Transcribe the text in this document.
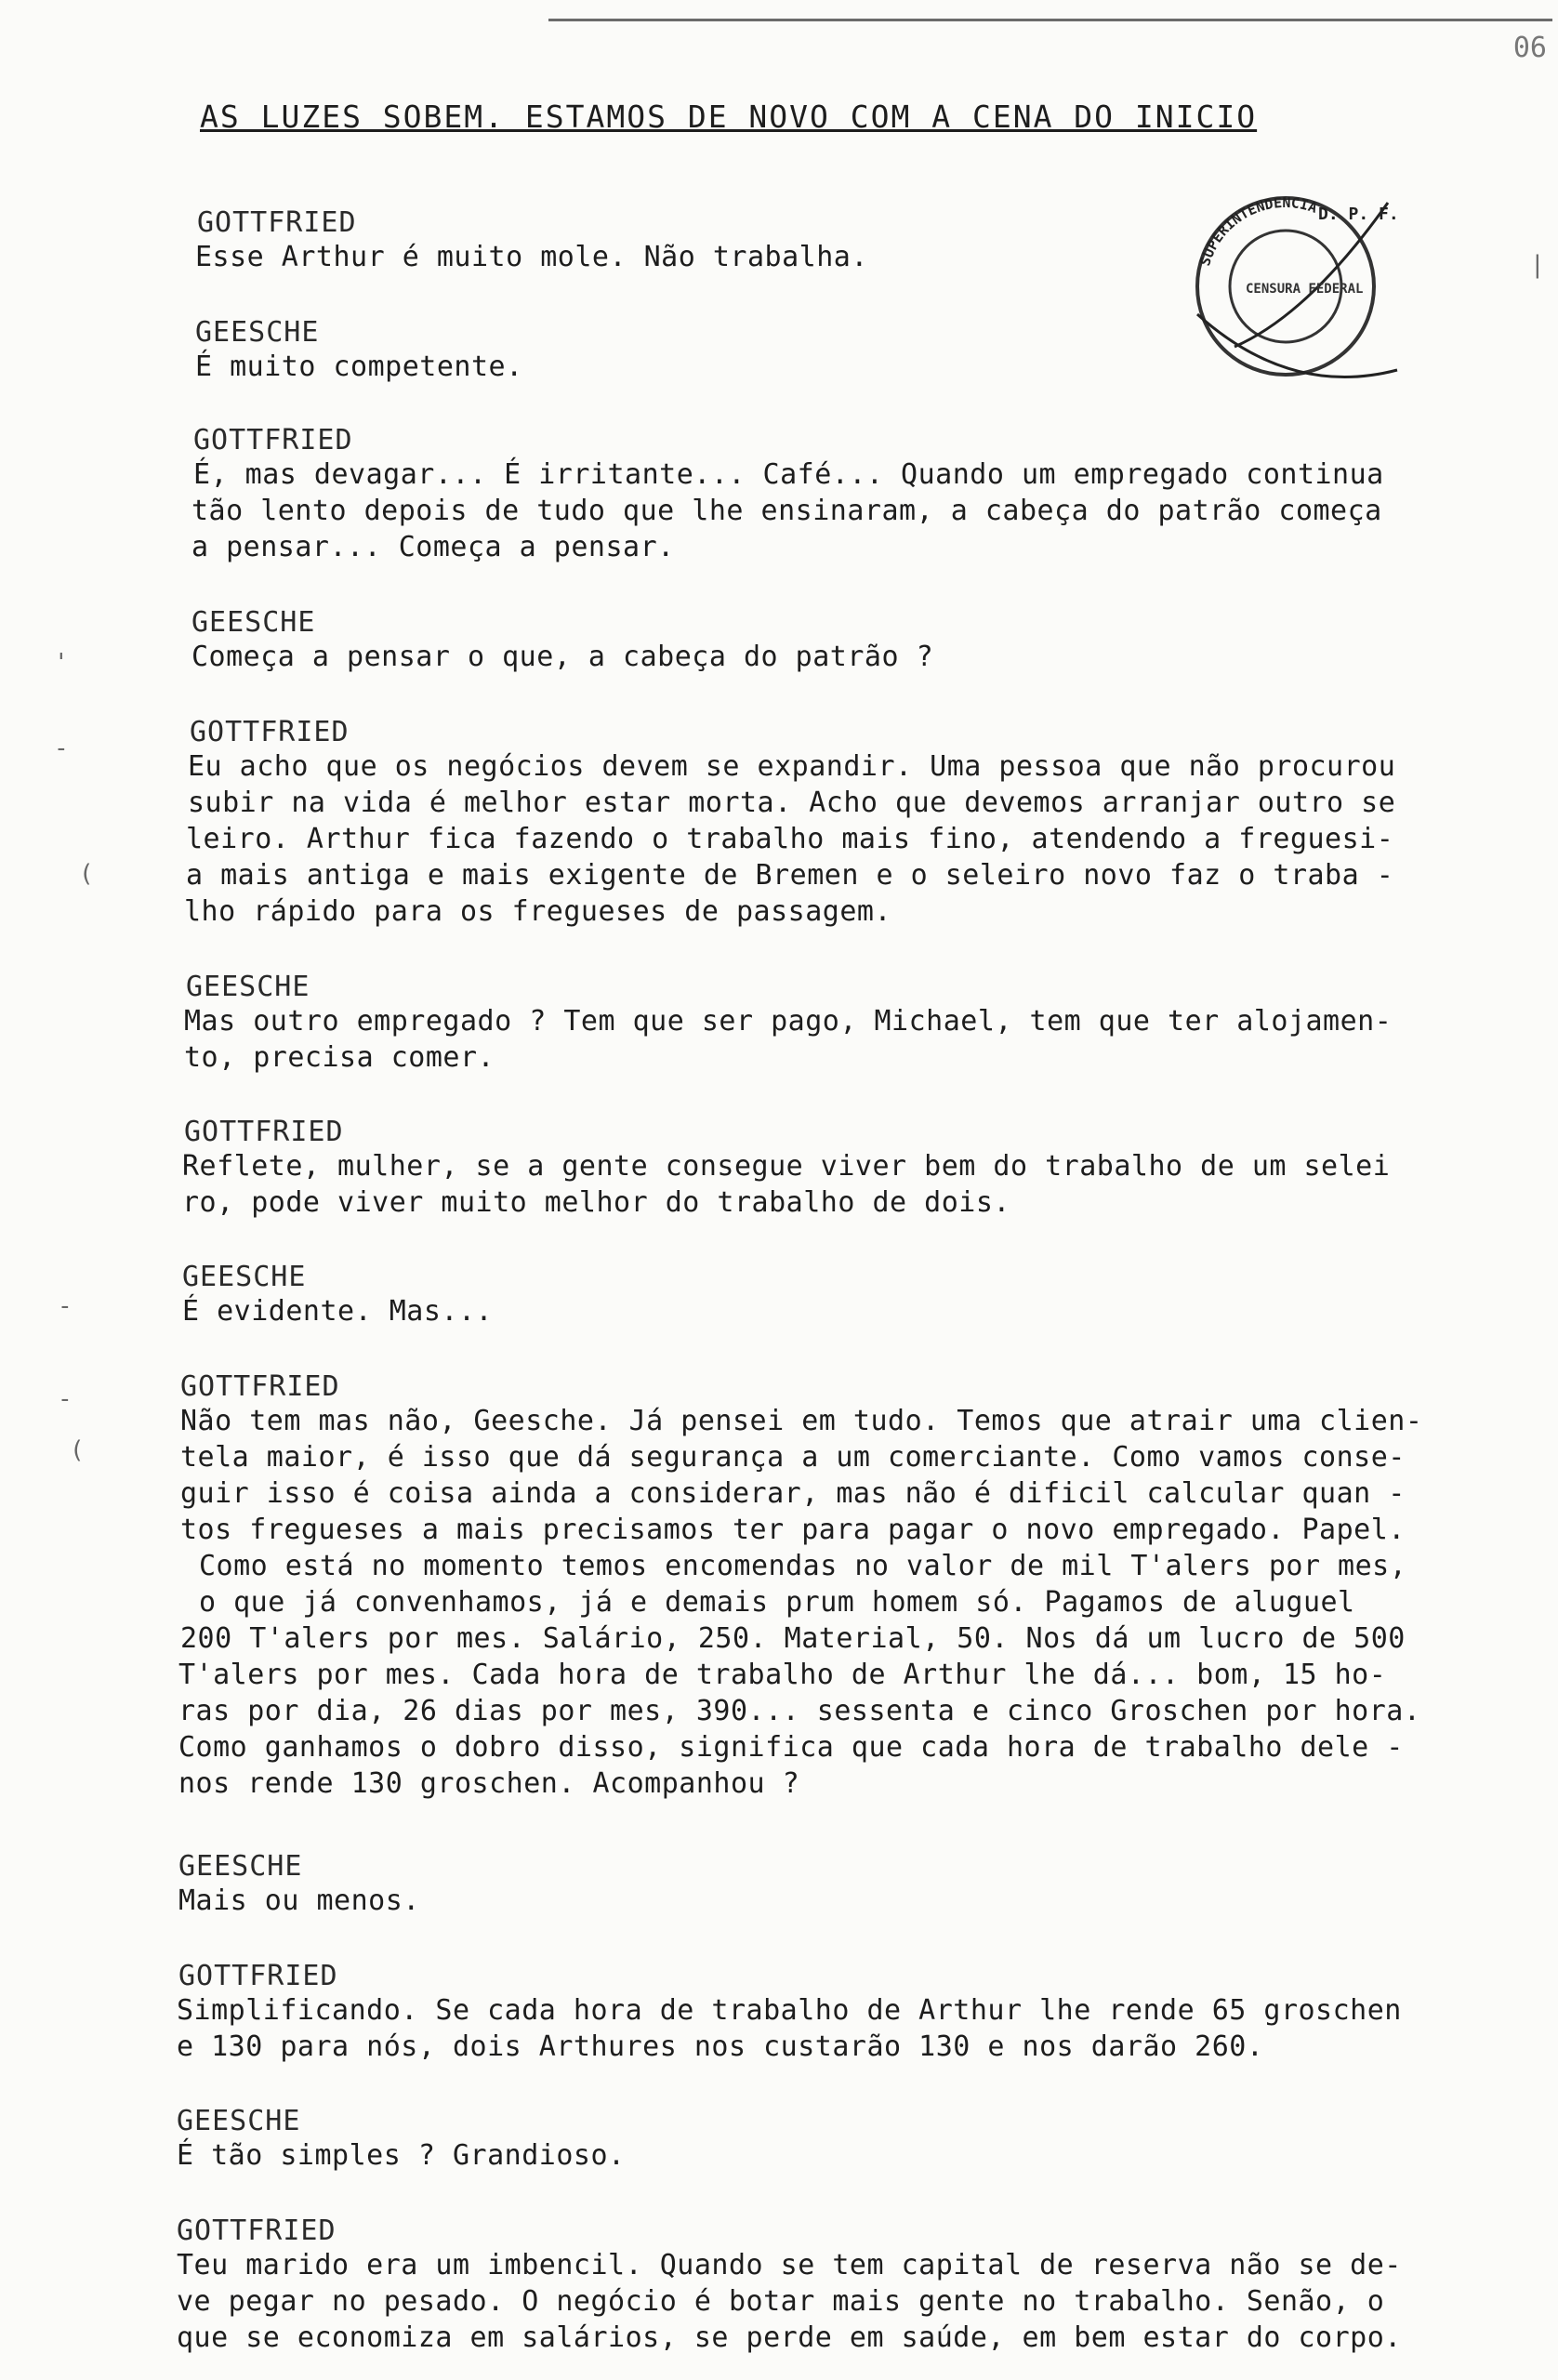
06
'
-
(
-
-
(
|
AS LUZES SOBEM. ESTAMOS DE NOVO COM A CENA DO INICIO
SUPERINTENDENCIA
D. P. F.
CENSURA FEDERAL
GOTTFRIED
Esse Arthur é muito mole. Não trabalha.
GEESCHE
É muito competente.
GOTTFRIED
É, mas devagar... É irritante... Café... Quando um empregado continua
tão lento depois de tudo que lhe ensinaram, a cabeça do patrão começa
a pensar... Começa a pensar.
GEESCHE
Começa a pensar o que, a cabeça do patrão ?
GOTTFRIED
Eu acho que os negócios devem se expandir. Uma pessoa que não procurou
subir na vida é melhor estar morta. Acho que devemos arranjar outro se
leiro. Arthur fica fazendo o trabalho mais fino, atendendo a freguesi-
a mais antiga e mais exigente de Bremen e o seleiro novo faz o traba -
lho rápido para os fregueses de passagem.
GEESCHE
Mas outro empregado ? Tem que ser pago, Michael, tem que ter alojamen-
to, precisa comer.
GOTTFRIED
Reflete, mulher, se a gente consegue viver bem do trabalho de um selei
ro, pode viver muito melhor do trabalho de dois.
GEESCHE
É evidente. Mas...
GOTTFRIED
Não tem mas não, Geesche. Já pensei em tudo. Temos que atrair uma clien-
tela maior, é isso que dá segurança a um comerciante. Como vamos conse-
guir isso é coisa ainda a considerar, mas não é dificil calcular quan -
tos fregueses a mais precisamos ter para pagar o novo empregado. Papel.
Como está no momento temos encomendas no valor de mil T'alers por mes,
o que já convenhamos, já e demais prum homem só. Pagamos de aluguel
200 T'alers por mes. Salário, 250. Material, 50. Nos dá um lucro de 500
T'alers por mes. Cada hora de trabalho de Arthur lhe dá... bom, 15 ho-
ras por dia, 26 dias por mes, 390... sessenta e cinco Groschen por hora.
Como ganhamos o dobro disso, significa que cada hora de trabalho dele -
nos rende 130 groschen. Acompanhou ?
GEESCHE
Mais ou menos.
GOTTFRIED
Simplificando. Se cada hora de trabalho de Arthur lhe rende 65 groschen
e 130 para nós, dois Arthures nos custarão 130 e nos darão 260.
GEESCHE
É tão simples ? Grandioso.
GOTTFRIED
Teu marido era um imbencil. Quando se tem capital de reserva não se de-
ve pegar no pesado. O negócio é botar mais gente no trabalho. Senão, o
que se economiza em salários, se perde em saúde, em bem estar do corpo.
